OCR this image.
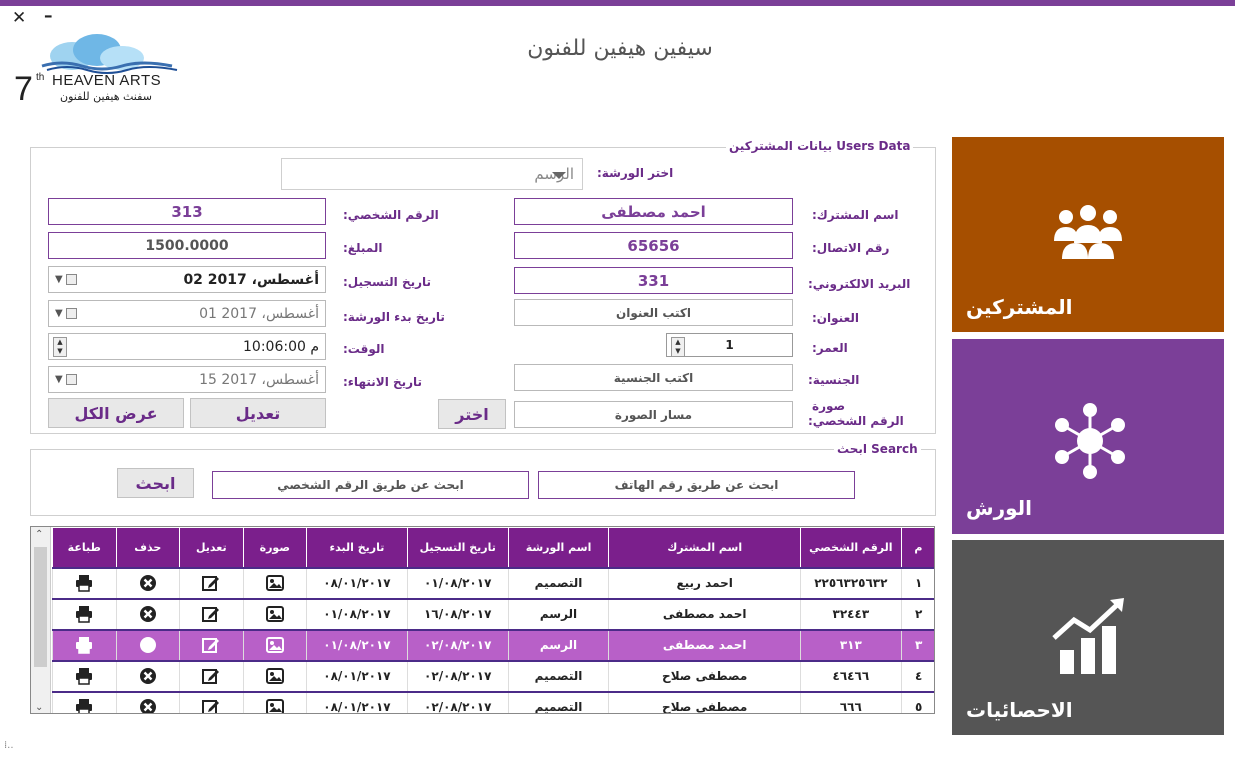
✕ –
سيفين هيفين للفنون
7 th HEAVEN ARTS
سفنث هيفين للفنون
بيانات المشتركين Users Data
اختر الورشة:
الرسم
اسم المشترك:
احمد مصطفى
الرقم الشخصي:
313
رقم الاتصال:
65656
المبلغ:
1500.0000
البريد الالكتروني:
331
تاريخ التسجيل:
▼	02 أغسطس، 2017
العنوان:
اكتب العنوان
تاريخ بدء الورشة:
▼	01 أغسطس، 2017
العمر:
▲
▼	1
الوقت:
▲
▼	10:06:00 م
الجنسية:
اكتب الجنسية
تاريخ الانتهاء:
▼	15 أغسطس، 2017
صورة
الرقم الشخصي:
مسار الصورة
اختر
تعديل
عرض الكل
ابحث Search
ابحث عن طريق رقم الهاتف
ابحث عن طريق الرقم الشخصي
ابحث
المشتركين
الورش
الاحصائيات
⌃
⌄
م	الرقم الشخصي	اسم المشترك	اسم الورشة	تاريخ التسجيل	تاريخ البدء	صورة	تعديل	حذف	طباعة
١	٢٢٥٦٣٢٥٦٣٢	احمد ربيع	التصميم	٠١/٠٨/٢٠١٧	٠٨/٠١/٢٠١٧				
٢	٣٢٤٤٣	احمد مصطفى	الرسم	١٦/٠٨/٢٠١٧	٠١/٠٨/٢٠١٧				
٣	٣١٣	احمد مصطفى	الرسم	٠٢/٠٨/٢٠١٧	٠١/٠٨/٢٠١٧				
٤	٤٦٤٦٦	مصطفى صلاح	التصميم	٠٢/٠٨/٢٠١٧	٠٨/٠١/٢٠١٧				
٥	٦٦٦	مصطفى صلاح	التصميم	٠٢/٠٨/٢٠١٧	٠٨/٠١/٢٠١٧				
⁞..
